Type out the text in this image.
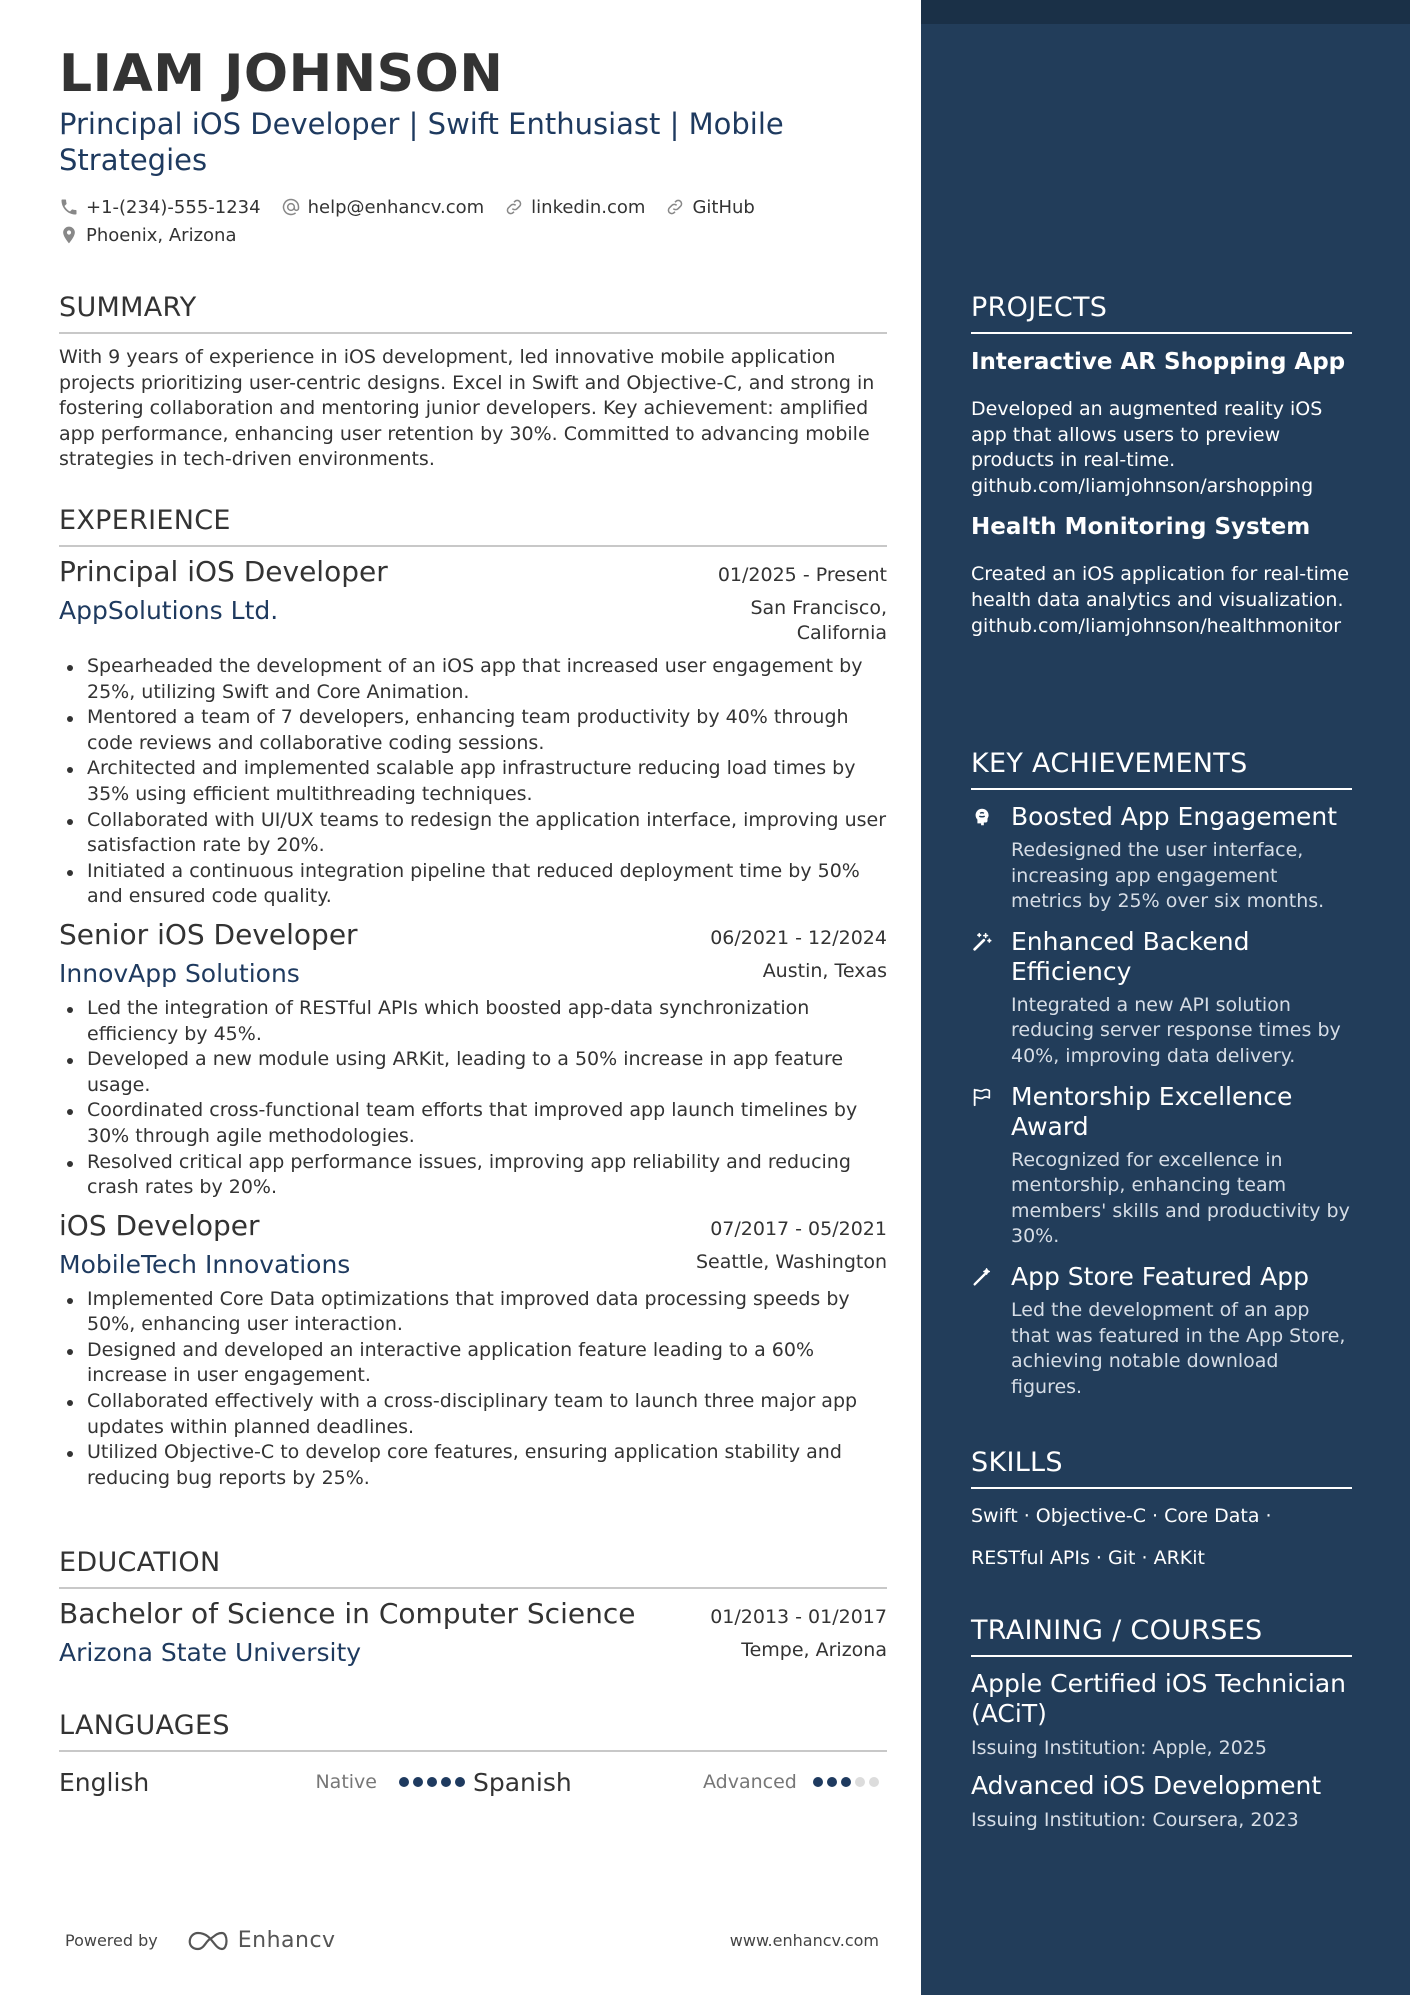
LIAM JOHNSON
Principal iOS Developer | Swift Enthusiast | Mobile Strategies
+1-(234)-555-1234	help@enhancv.com	linkedin.com	GitHub
Phoenix, Arizona
SUMMARY
With 9 years of experience in iOS development, led innovative mobile application projects prioritizing user-centric designs. Excel in Swift and Objective-C, and strong in fostering collaboration and mentoring junior developers. Key achievement: amplified app performance, enhancing user retention by 30%. Committed to advancing mobile strategies in tech-driven environments.
EXPERIENCE
Principal iOS Developer	01/2025 - Present
AppSolutions Ltd.	San Francisco,
California
Spearheaded the development of an iOS app that increased user engagement by 25%, utilizing Swift and Core Animation.
Mentored a team of 7 developers, enhancing team productivity by 40% through code reviews and collaborative coding sessions.
Architected and implemented scalable app infrastructure reducing load times by 35% using efficient multithreading techniques.
Collaborated with UI/UX teams to redesign the application interface, improving user satisfaction rate by 20%.
Initiated a continuous integration pipeline that reduced deployment time by 50% and ensured code quality.
Senior iOS Developer	06/2021 - 12/2024
InnovApp Solutions	Austin, Texas
Led the integration of RESTful APIs which boosted app-data synchronization efficiency by 45%.
Developed a new module using ARKit, leading to a 50% increase in app feature usage.
Coordinated cross-functional team efforts that improved app launch timelines by 30% through agile methodologies.
Resolved critical app performance issues, improving app reliability and reducing crash rates by 20%.
iOS Developer	07/2017 - 05/2021
MobileTech Innovations	Seattle, Washington
Implemented Core Data optimizations that improved data processing speeds by 50%, enhancing user interaction.
Designed and developed an interactive application feature leading to a 60% increase in user engagement.
Collaborated effectively with a cross-disciplinary team to launch three major app updates within planned deadlines.
Utilized Objective-C to develop core features, ensuring application stability and reducing bug reports by 25%.
EDUCATION
Bachelor of Science in Computer Science	01/2013 - 01/2017
Arizona State University	Tempe, Arizona
LANGUAGES
English	Native	Spanish	Advanced
Powered by	Enhancv	www.enhancv.com
PROJECTS
Interactive AR Shopping App
Developed an augmented reality iOS app that allows users to preview products in real-time.
github.com/liamjohnson/arshopping
Health Monitoring System
Created an iOS application for real-time health data analytics and visualization.
github.com/liamjohnson/healthmonitor
KEY ACHIEVEMENTS
Boosted App Engagement
Redesigned the user interface, increasing app engagement metrics by 25% over six months.
Enhanced Backend Efficiency
Integrated a new API solution reducing server response times by 40%, improving data delivery.
Mentorship Excellence Award
Recognized for excellence in mentorship, enhancing team members' skills and productivity by 30%.
App Store Featured App
Led the development of an app that was featured in the App Store, achieving notable download figures.
SKILLS
Swift · Objective-C · Core Data ·
RESTful APIs · Git · ARKit
TRAINING / COURSES
Apple Certified iOS Technician (ACiT)
Issuing Institution: Apple, 2025
Advanced iOS Development
Issuing Institution: Coursera, 2023
